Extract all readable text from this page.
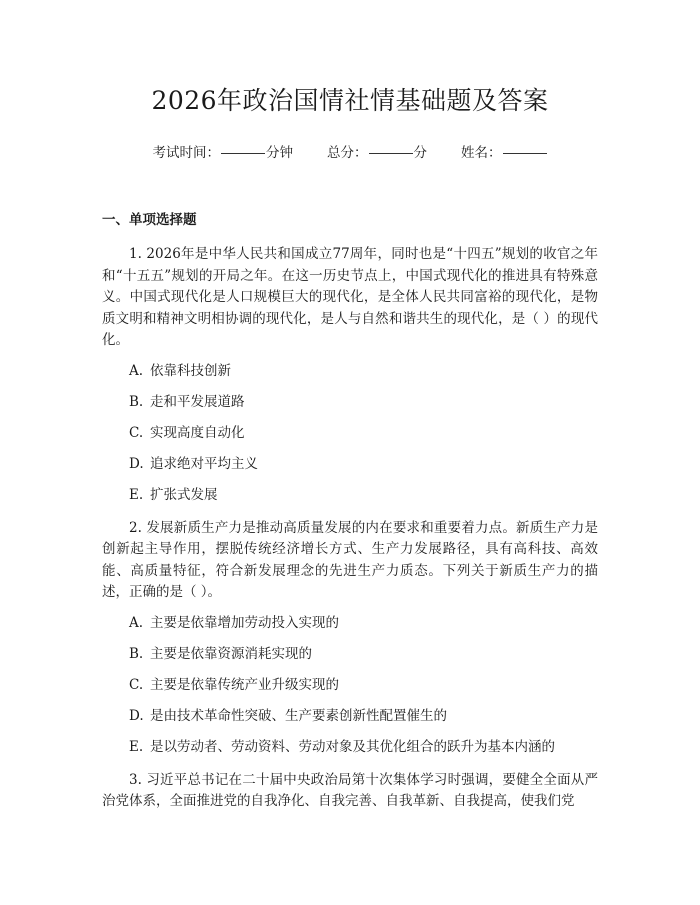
2026年政治国情社情基础题及答案
考试时间：	分钟	总分：	分	姓名：
一、单项选择题
1. 2026年是中华人民共和国成立77周年，同时也是“十四五”规划的收官之年和“十五五”规划的开局之年。在这一历史节点上，中国式现代化的推进具有特殊意义。中国式现代化是人口规模巨大的现代化，是全体人民共同富裕的现代化，是物质文明和精神文明相协调的现代化，是人与自然和谐共生的现代化，是（ ）的现代化。
A. 依靠科技创新
B. 走和平发展道路
C. 实现高度自动化
D. 追求绝对平均主义
E. 扩张式发展
2. 发展新质生产力是推动高质量发展的内在要求和重要着力点。新质生产力是创新起主导作用，摆脱传统经济增长方式、生产力发展路径，具有高科技、高效能、高质量特征，符合新发展理念的先进生产力质态。下列关于新质生产力的描述，正确的是（ ）。
A. 主要是依靠增加劳动投入实现的
B. 主要是依靠资源消耗实现的
C. 主要是依靠传统产业升级实现的
D. 是由技术革命性突破、生产要素创新性配置催生的
E. 是以劳动者、劳动资料、劳动对象及其优化组合的跃升为基本内涵的
3. 习近平总书记在二十届中央政治局第十次集体学习时强调，要健全全面从严治党体系，全面推进党的自我净化、自我完善、自我革新、自我提高，使我们党
